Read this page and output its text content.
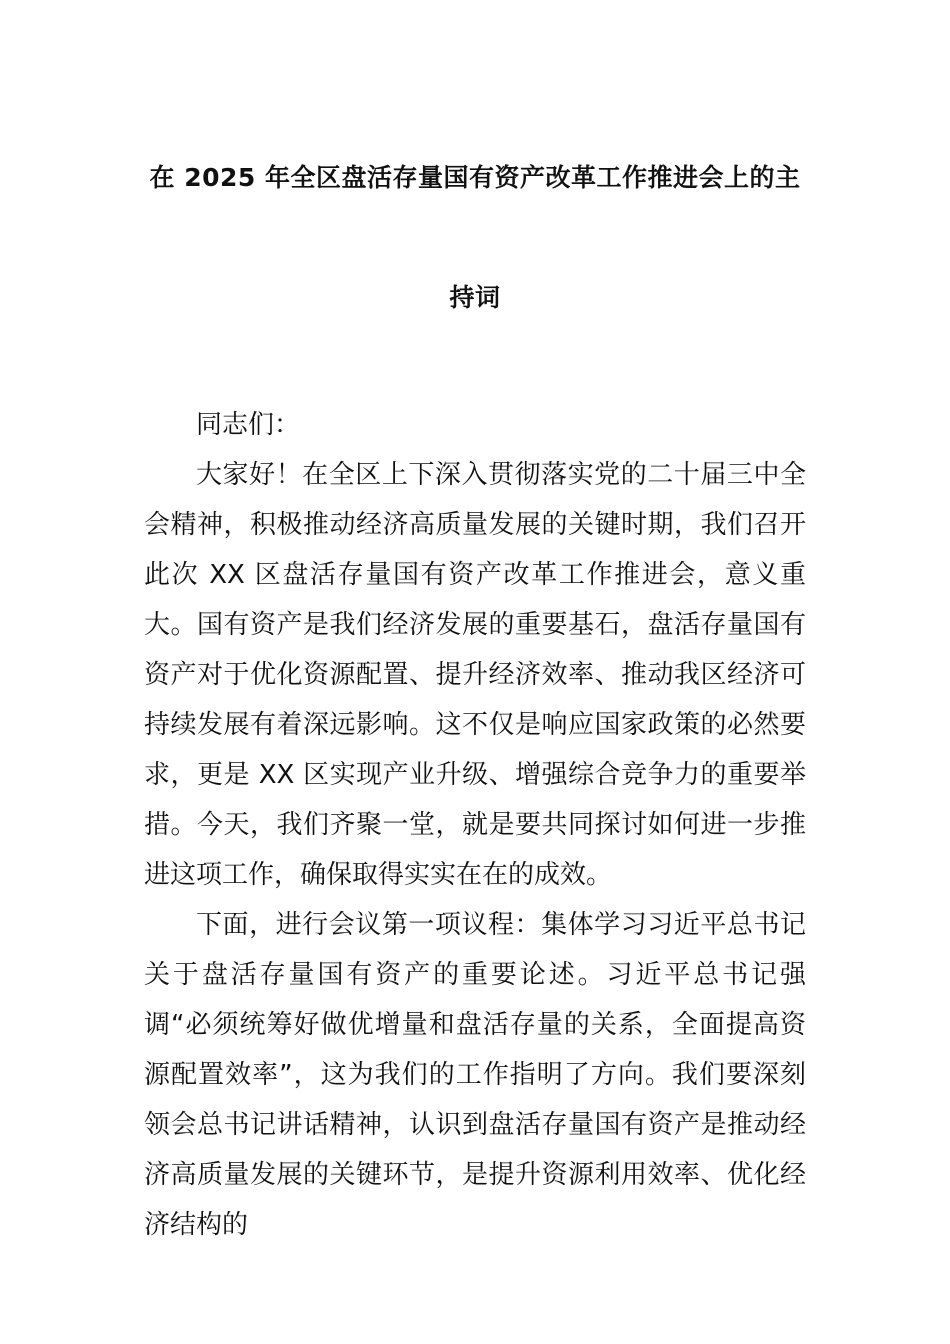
在 2025 年全区盘活存量国有资产改革工作推进会上的主
持词

同志们：

大家好！在全区上下深入贯彻落实党的二十届三中全会精神，积极推动经济高质量发展的关键时期，我们召开此次 XX 区盘活存量国有资产改革工作推进会，意义重大。国有资产是我们经济发展的重要基石，盘活存量国有资产对于优化资源配置、提升经济效率、推动我区经济可持续发展有着深远影响。这不仅是响应国家政策的必然要求，更是 XX 区实现产业升级、增强综合竞争力的重要举措。今天，我们齐聚一堂，就是要共同探讨如何进一步推进这项工作，确保取得实实在在的成效。

下面，进行会议第一项议程：集体学习习近平总书记关于盘活存量国有资产的重要论述。习近平总书记强调“必须统筹好做优增量和盘活存量的关系，全面提高资源配置效率”，这为我们的工作指明了方向。我们要深刻领会总书记讲话精神，认识到盘活存量国有资产是推动经济高质量发展的关键环节，是提升资源利用效率、优化经济结构的
